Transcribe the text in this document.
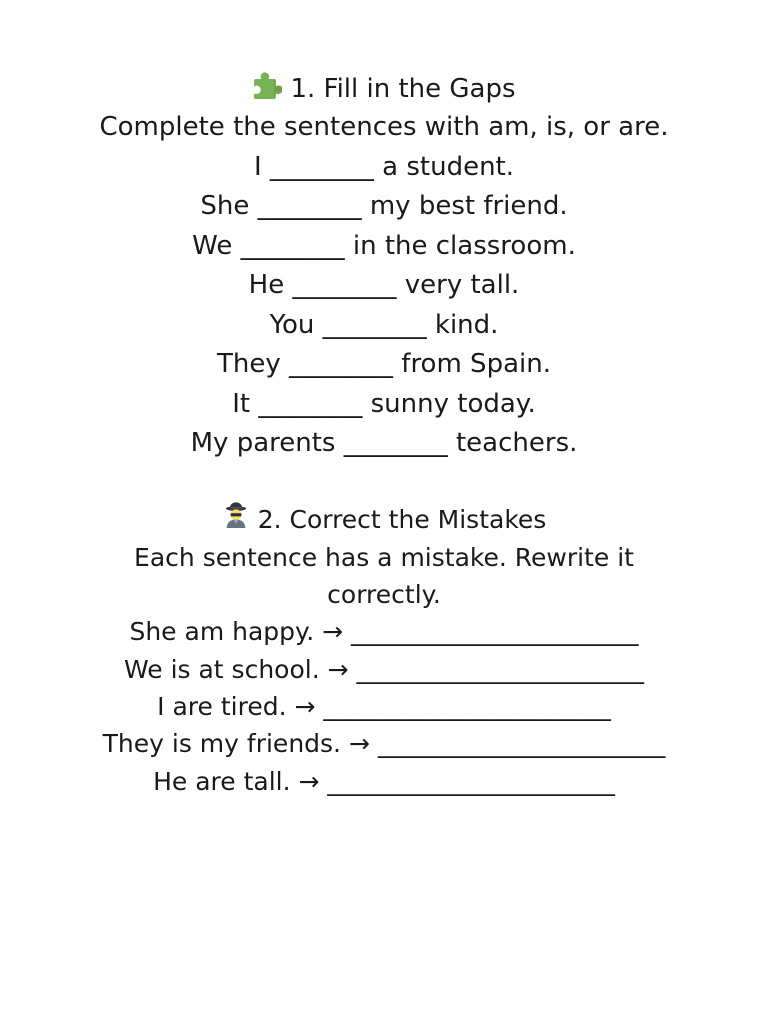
1. Fill in the Gaps
Complete the sentences with am, is, or are.
I ________ a student.
She ________ my best friend.
We ________ in the classroom.
He ________ very tall.
You ________ kind.
They ________ from Spain.
It ________ sunny today.
My parents ________ teachers.
2. Correct the Mistakes
Each sentence has a mistake. Rewrite it
correctly.
She am happy. → _______________________
We is at school. → _______________________
I are tired. → _______________________
They is my friends. → _______________________
He are tall. → _______________________
